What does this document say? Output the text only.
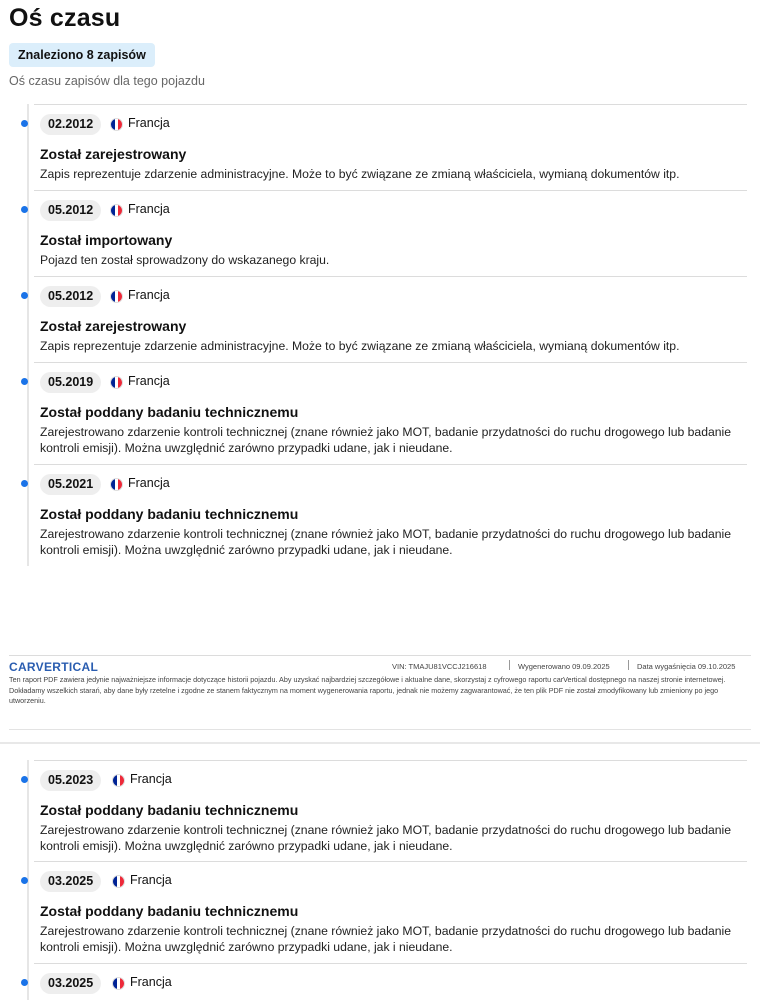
Oś czasu
Znaleziono 8 zapisów
Oś czasu zapisów dla tego pojazdu
02.2012	Francja
Został zarejestrowany
Zapis reprezentuje zdarzenie administracyjne. Może to być związane ze zmianą właściciela, wymianą dokumentów itp.
05.2012	Francja
Został importowany
Pojazd ten został sprowadzony do wskazanego kraju.
05.2012	Francja
Został zarejestrowany
Zapis reprezentuje zdarzenie administracyjne. Może to być związane ze zmianą właściciela, wymianą dokumentów itp.
05.2019	Francja
Został poddany badaniu technicznemu
Zarejestrowano zdarzenie kontroli technicznej (znane również jako MOT, badanie przydatności do ruchu drogowego lub badanie kontroli emisji). Można uwzględnić zarówno przypadki udane, jak i nieudane.
05.2021	Francja
Został poddany badaniu technicznemu
Zarejestrowano zdarzenie kontroli technicznej (znane również jako MOT, badanie przydatności do ruchu drogowego lub badanie kontroli emisji). Można uwzględnić zarówno przypadki udane, jak i nieudane.
CARVERTICAL	VIN: TMAJU81VCCJ216618	Wygenerowano 09.09.2025	Data wygaśnięcia 09.10.2025
Ten raport PDF zawiera jedynie najważniejsze informacje dotyczące historii pojazdu. Aby uzyskać najbardziej szczegółowe i aktualne dane, skorzystaj z cyfrowego raportu carVertical dostępnego na naszej stronie internetowej. Dokładamy wszelkich starań, aby dane były rzetelne i zgodne ze stanem faktycznym na moment wygenerowania raportu, jednak nie możemy zagwarantować, że ten plik PDF nie został zmodyfikowany lub zmieniony po jego utworzeniu.
05.2023	Francja
Został poddany badaniu technicznemu
Zarejestrowano zdarzenie kontroli technicznej (znane również jako MOT, badanie przydatności do ruchu drogowego lub badanie kontroli emisji). Można uwzględnić zarówno przypadki udane, jak i nieudane.
03.2025	Francja
Został poddany badaniu technicznemu
Zarejestrowano zdarzenie kontroli technicznej (znane również jako MOT, badanie przydatności do ruchu drogowego lub badanie kontroli emisji). Można uwzględnić zarówno przypadki udane, jak i nieudane.
03.2025	Francja
